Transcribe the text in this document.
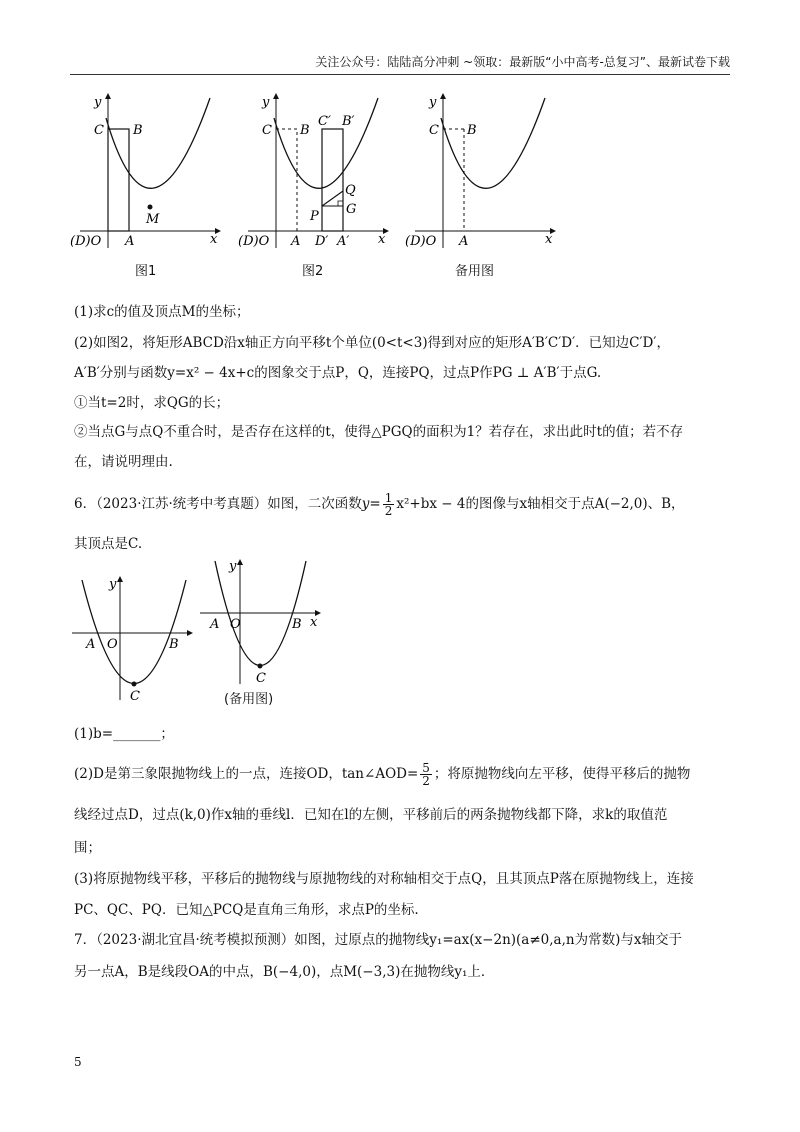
关注公众号：陆陆高分冲刺 ~领取：最新版“小中高考-总复习”、最新试卷下载
y
x
C B
M
A
(D)O
图1
y
x
C B
C′ B′
Q
G
P
A D′ A′
(D)O
图2
y
x
C B
A
(D)O
备用图
(1)求c的值及顶点M的坐标；
(2)如图2，将矩形ABCD沿x轴正方向平移t个单位(0<t<3)得到对应的矩形A′B′C′D′．已知边C′D′，
A′B′分别与函数y=x² − 4x+c的图象交于点P，Q，连接PQ，过点P作PG ⊥ A′B′于点G.
①当t=2时，求QG的长；
②当点G与点Q不重合时，是否存在这样的t，使得△PGQ的面积为1？若存在，求出此时t的值；若不存
在，请说明理由.
6．（2023·江苏·统考中考真题）如图，二次函数$y= \frac{1}{2} x^2+bx - 4$的图像与x轴相交于点A(−2,0)、B，
其顶点是C.
y
A O	B
C
y
x
A O	B
C
(备用图)
(1)b=_______；
(2)D是第三象限抛物线上的一点，连接OD，tan∠AOD= $\frac{5}{2}$ ；将原抛物线向左平移，使得平移后的抛物
线经过点D，过点(k,0)作x轴的垂线l．已知在l的左侧，平移前后的两条抛物线都下降，求k的取值范
围；
(3)将原抛物线平移，平移后的抛物线与原抛物线的对称轴相交于点Q，且其顶点P落在原抛物线上，连接
PC、QC、PQ．已知△PCQ是直角三角形，求点P的坐标.
7．（2023·湖北宜昌·统考模拟预测）如图，过原点的抛物线y₁=ax(x−2n)(a≠0,a,n为常数)与x轴交于
另一点A，B是线段OA的中点，B(−4,0)，点M(−3,3)在抛物线y₁上．
5
